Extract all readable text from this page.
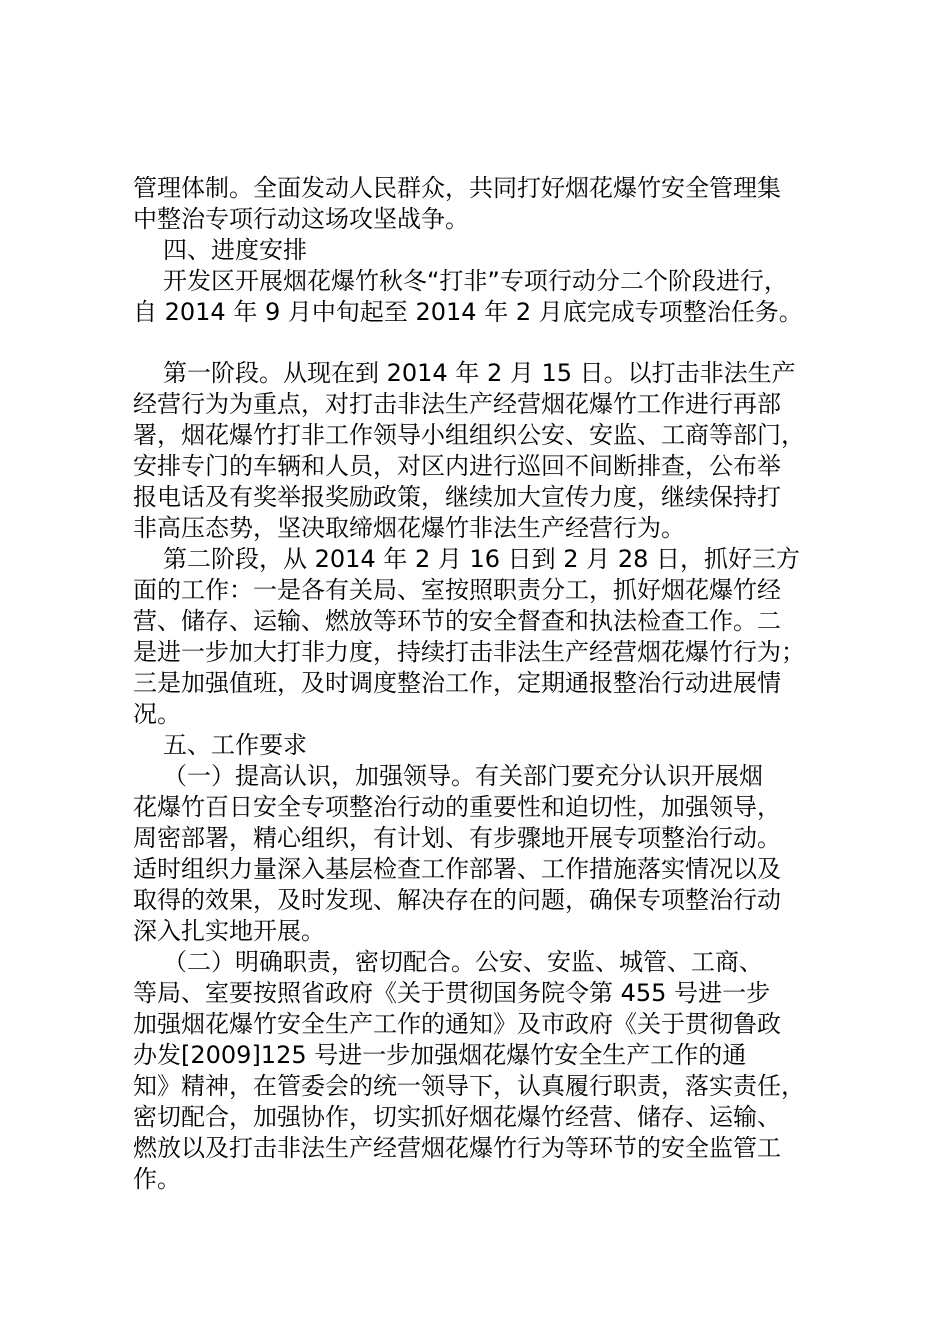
管理体制。全面发动人民群众，共同打好烟花爆竹安全管理集
中整治专项行动这场攻坚战争。
四、进度安排
开发区开展烟花爆竹秋冬“打非”专项行动分二个阶段进行，
自 2014 年 9 月中旬起至 2014 年 2 月底完成专项整治任务。
第一阶段。从现在到 2014 年 2 月 15 日。以打击非法生产
经营行为为重点，对打击非法生产经营烟花爆竹工作进行再部
署，烟花爆竹打非工作领导小组组织公安、安监、工商等部门，
安排专门的车辆和人员，对区内进行巡回不间断排查，公布举
报电话及有奖举报奖励政策，继续加大宣传力度，继续保持打
非高压态势，坚决取缔烟花爆竹非法生产经营行为。
第二阶段，从 2014 年 2 月 16 日到 2 月 28 日，抓好三方
面的工作：一是各有关局、室按照职责分工，抓好烟花爆竹经
营、储存、运输、燃放等环节的安全督查和执法检查工作。二
是进一步加大打非力度，持续打击非法生产经营烟花爆竹行为；
三是加强值班，及时调度整治工作，定期通报整治行动进展情
况。
五、工作要求
（一）提高认识，加强领导。有关部门要充分认识开展烟
花爆竹百日安全专项整治行动的重要性和迫切性，加强领导，
周密部署，精心组织，有计划、有步骤地开展专项整治行动。
适时组织力量深入基层检查工作部署、工作措施落实情况以及
取得的效果，及时发现、解决存在的问题，确保专项整治行动
深入扎实地开展。
（二）明确职责，密切配合。公安、安监、城管、工商、
等局、室要按照省政府《关于贯彻国务院令第 455 号进一步
加强烟花爆竹安全生产工作的通知》及市政府《关于贯彻鲁政
办发[2009]125 号进一步加强烟花爆竹安全生产工作的通
知》精神，在管委会的统一领导下，认真履行职责，落实责任，
密切配合，加强协作，切实抓好烟花爆竹经营、储存、运输、
燃放以及打击非法生产经营烟花爆竹行为等环节的安全监管工
作。
